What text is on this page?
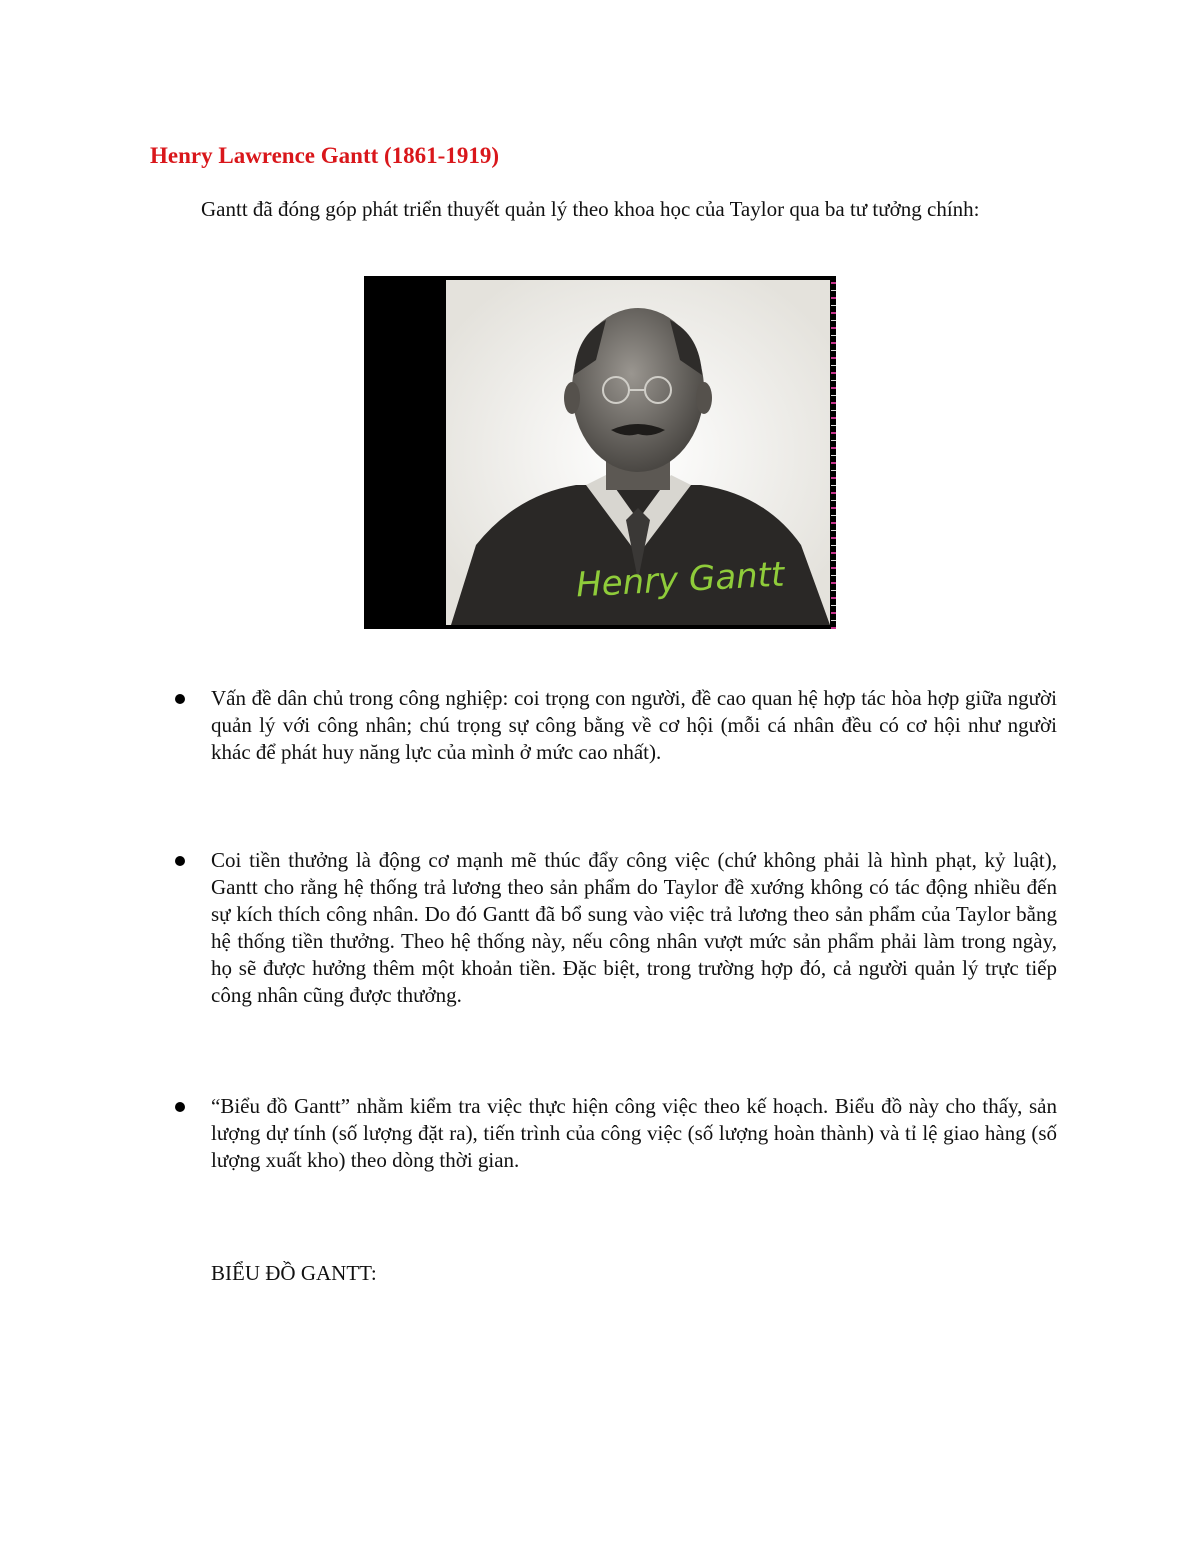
Henry Lawrence Gantt (1861-1919)
Gantt đã đóng góp phát triển thuyết quản lý theo khoa học của Taylor qua ba tư tưởng chính:
Henry Gantt
Vấn đề dân chủ trong công nghiệp: coi trọng con người, đề cao quan hệ hợp tác hòa hợp giữa người quản lý với công nhân; chú trọng sự công bằng về cơ hội (mỗi cá nhân đều có cơ hội như người khác để phát huy năng lực của mình ở mức cao nhất).
Coi tiền thưởng là động cơ mạnh mẽ thúc đẩy công việc (chứ không phải là hình phạt, kỷ luật), Gantt cho rằng hệ thống trả lương theo sản phẩm do Taylor đề xướng không có tác động nhiều đến sự kích thích công nhân. Do đó Gantt đã bổ sung vào việc trả lương theo sản phẩm của Taylor bằng hệ thống tiền thưởng. Theo hệ thống này, nếu công nhân vượt mức sản phẩm phải làm trong ngày, họ sẽ được hưởng thêm một khoản tiền. Đặc biệt, trong trường hợp đó, cả người quản lý trực tiếp công nhân cũng được thưởng.
“Biểu đồ Gantt” nhằm kiểm tra việc thực hiện công việc theo kế hoạch. Biểu đồ này cho thấy, sản lượng dự tính (số lượng đặt ra), tiến trình của công việc (số lượng hoàn thành) và tỉ lệ giao hàng (số lượng xuất kho) theo dòng thời gian.
BIỂU ĐỒ GANTT:
